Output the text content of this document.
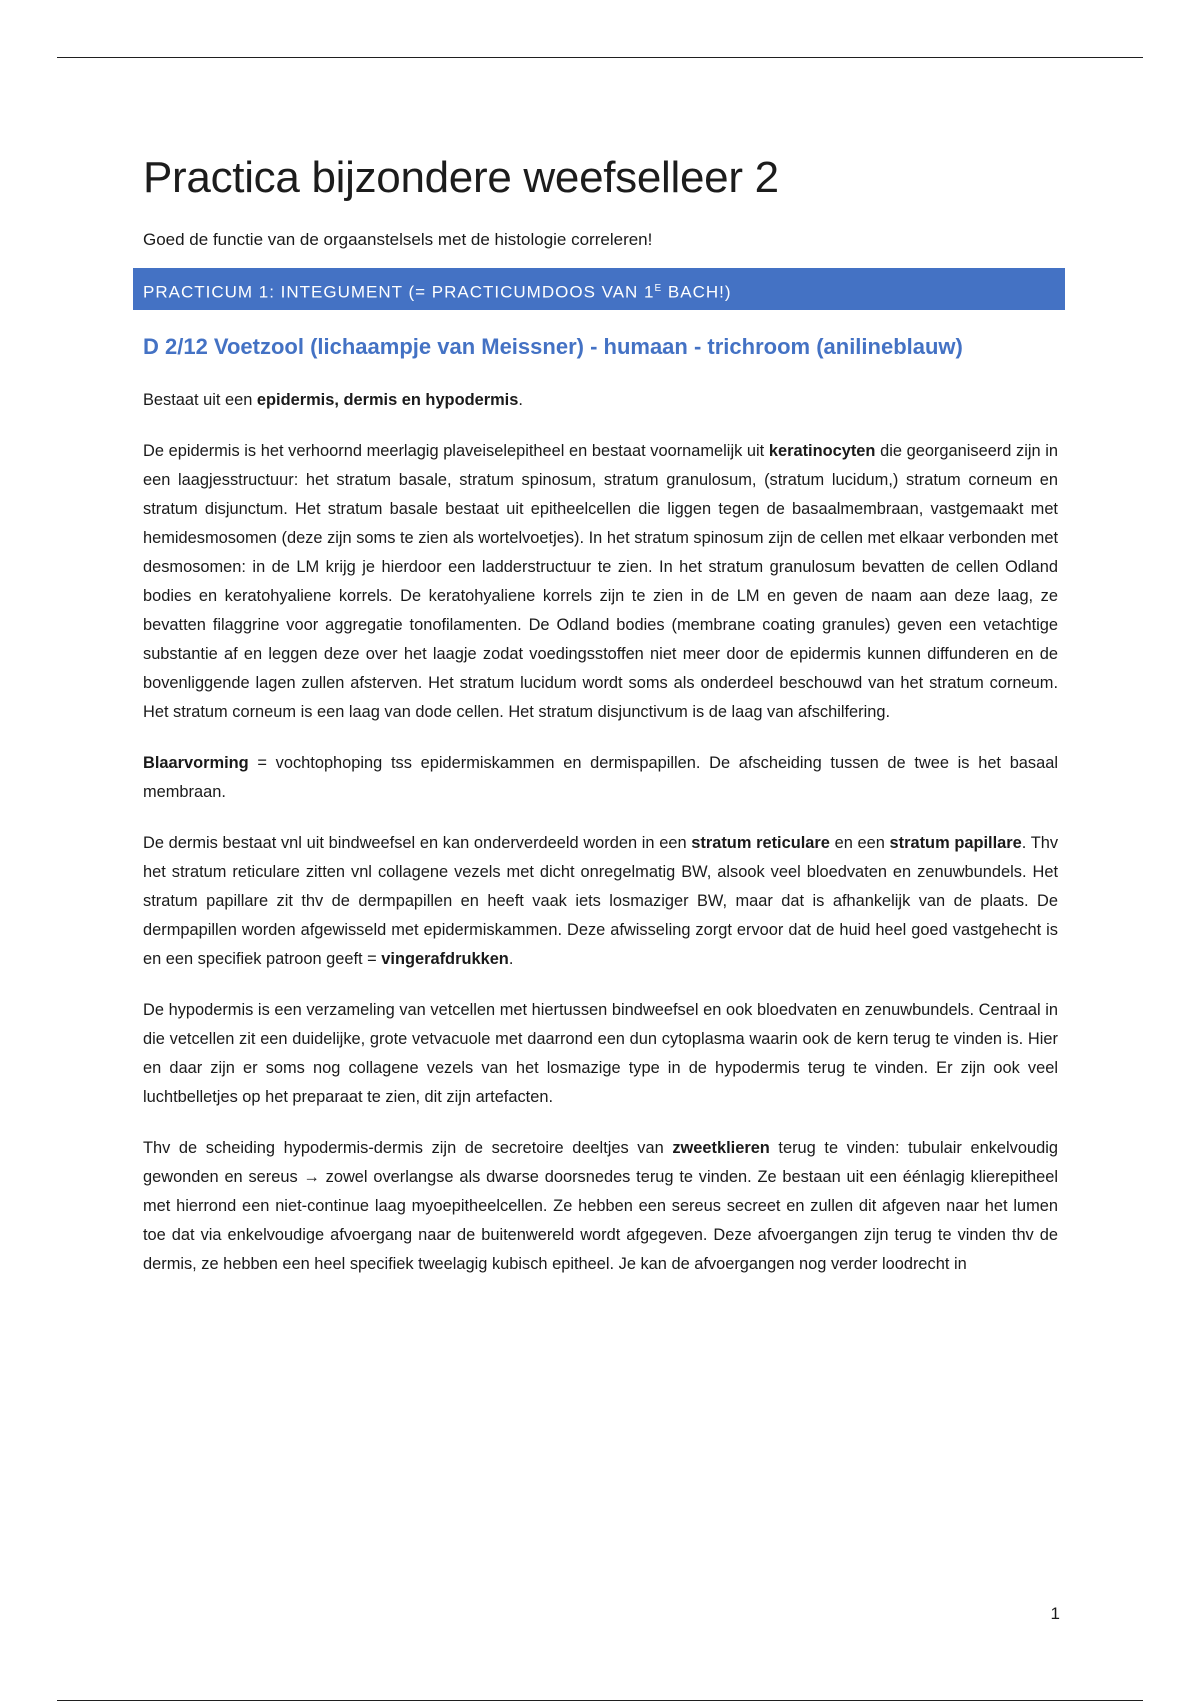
Practica bijzondere weefselleer 2

Goed de functie van de orgaanstelsels met de histologie correleren!

PRACTICUM 1: INTEGUMENT (= PRACTICUMDOOS VAN $1^E$ BACH!)
D 2/12 Voetzool (lichaampje van Meissner) - humaan - trichroom (anilineblauw)

Bestaat uit een epidermis, dermis en hypodermis.

De epidermis is het verhoornd meerlagig plaveiselepitheel en bestaat voornamelijk uit keratinocyten die georganiseerd zijn in een laagjesstructuur: het stratum basale, stratum spinosum, stratum granulosum, (stratum lucidum,) stratum corneum en stratum disjunctum. Het stratum basale bestaat uit epitheelcellen die liggen tegen de basaalmembraan, vastgemaakt met hemidesmosomen (deze zijn soms te zien als wortelvoetjes). In het stratum spinosum zijn de cellen met elkaar verbonden met desmosomen: in de LM krijg je hierdoor een ladderstructuur te zien. In het stratum granulosum bevatten de cellen Odland bodies en keratohyaliene korrels. De keratohyaliene korrels zijn te zien in de LM en geven de naam aan deze laag, ze bevatten filaggrine voor aggregatie tonofilamenten. De Odland bodies (membrane coating granules) geven een vetachtige substantie af en leggen deze over het laagje zodat voedingsstoffen niet meer door de epidermis kunnen diffunderen en de bovenliggende lagen zullen afsterven. Het stratum lucidum wordt soms als onderdeel beschouwd van het stratum corneum. Het stratum corneum is een laag van dode cellen. Het stratum disjunctivum is de laag van afschilfering.

Blaarvorming = vochtophoping tss epidermiskammen en dermispapillen. De afscheiding tussen de twee is het basaal membraan.

De dermis bestaat vnl uit bindweefsel en kan onderverdeeld worden in een stratum reticulare en een stratum papillare. Thv het stratum reticulare zitten vnl collagene vezels met dicht onregelmatig BW, alsook veel bloedvaten en zenuwbundels. Het stratum papillare zit thv de dermpapillen en heeft vaak iets losmaziger BW, maar dat is afhankelijk van de plaats. De dermpapillen worden afgewisseld met epidermiskammen. Deze afwisseling zorgt ervoor dat de huid heel goed vastgehecht is en een specifiek patroon geeft = vingerafdrukken.

De hypodermis is een verzameling van vetcellen met hiertussen bindweefsel en ook bloedvaten en zenuwbundels. Centraal in die vetcellen zit een duidelijke, grote vetvacuole met daarrond een dun cytoplasma waarin ook de kern terug te vinden is. Hier en daar zijn er soms nog collagene vezels van het losmazige type in de hypodermis terug te vinden. Er zijn ook veel luchtbelletjes op het preparaat te zien, dit zijn artefacten.

Thv de scheiding hypodermis-dermis zijn de secretoire deeltjes van zweetklieren terug te vinden: tubulair enkelvoudig gewonden en sereus → zowel overlangse als dwarse doorsnedes terug te vinden. Ze bestaan uit een éénlagig klierepitheel met hierrond een niet-continue laag myoepitheelcellen. Ze hebben een sereus secreet en zullen dit afgeven naar het lumen toe dat via enkelvoudige afvoergang naar de buitenwereld wordt afgegeven. Deze afvoergangen zijn terug te vinden thv de dermis, ze hebben een heel specifiek tweelagig kubisch epitheel. Je kan de afvoergangen nog verder loodrecht in

1
